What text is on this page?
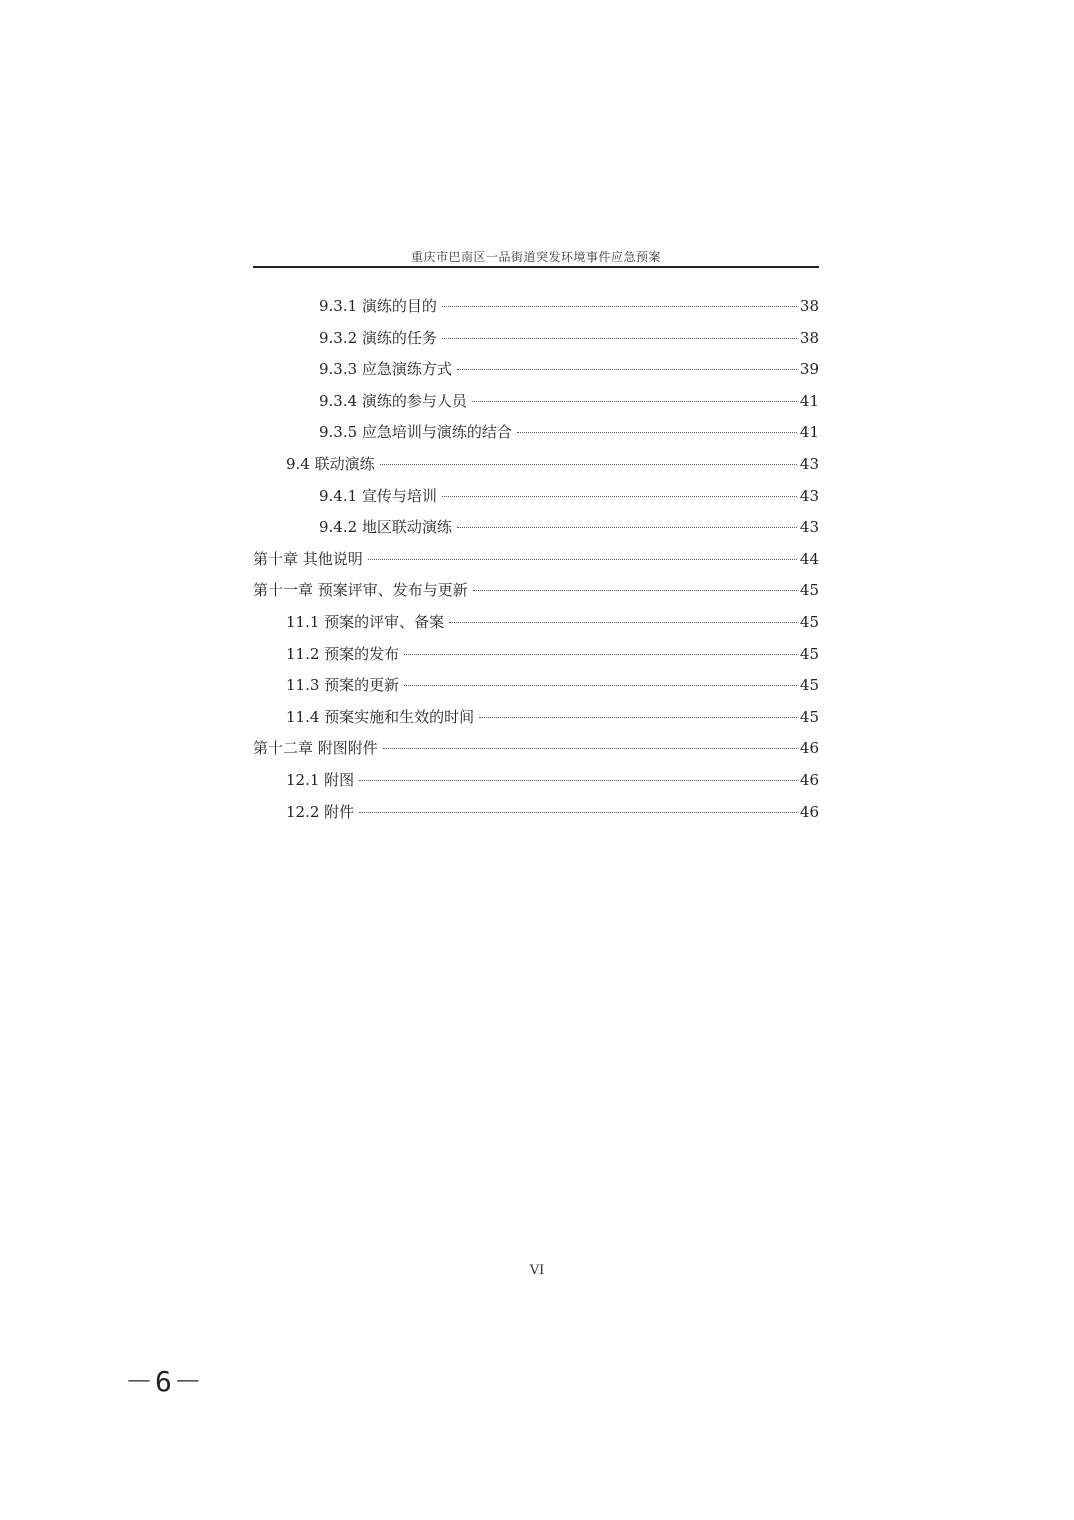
重庆市巴南区一品街道突发环境事件应急预案
9.3.1 演练的目的	38
9.3.2 演练的任务	38
9.3.3 应急演练方式	39
9.3.4 演练的参与人员	41
9.3.5 应急培训与演练的结合	41
9.4 联动演练	43
9.4.1 宣传与培训	43
9.4.2 地区联动演练	43
第十章 其他说明	44
第十一章 预案评审、发布与更新	45
11.1 预案的评审、备案	45
11.2 预案的发布	45
11.3 预案的更新	45
11.4 预案实施和生效的时间	45
第十二章 附图附件	46
12.1 附图	46
12.2 附件	46
VI
－6－
